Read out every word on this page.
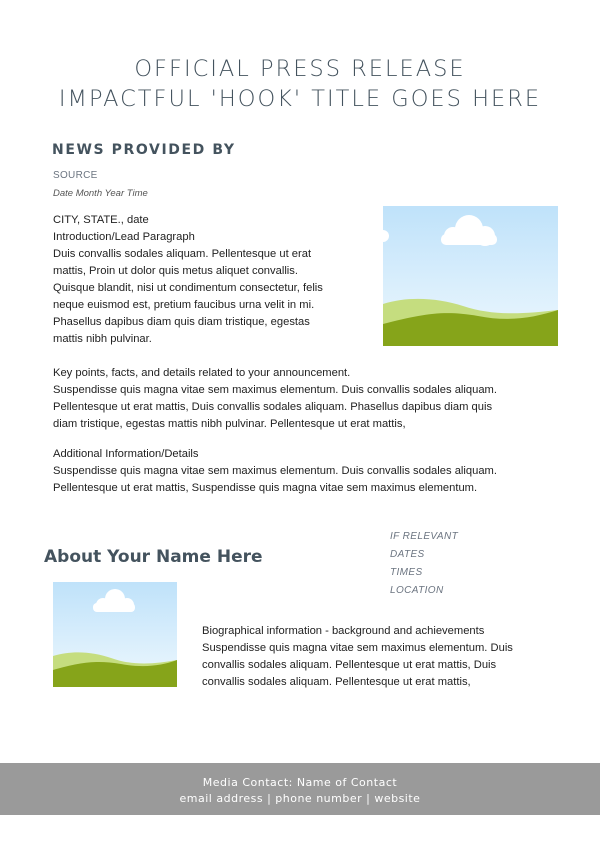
OFFICIAL PRESS RELEASE
IMPACTFUL 'HOOK' TITLE GOES HERE
NEWS PROVIDED BY
SOURCE
Date Month Year Time
CITY, STATE., date
Introduction/Lead Paragraph
Duis convallis sodales aliquam. Pellentesque ut erat
mattis, Proin ut dolor quis metus aliquet convallis.
Quisque blandit, nisi ut condimentum consectetur, felis
neque euismod est, pretium faucibus urna velit in mi.
Phasellus dapibus diam quis diam tristique, egestas
mattis nibh pulvinar.
Key points, facts, and details related to your announcement.
Suspendisse quis magna vitae sem maximus elementum. Duis convallis sodales aliquam.
Pellentesque ut erat mattis, Duis convallis sodales aliquam. Phasellus dapibus diam quis
diam tristique, egestas mattis nibh pulvinar. Pellentesque ut erat mattis,
Additional Information/Details
Suspendisse quis magna vitae sem maximus elementum. Duis convallis sodales aliquam.
Pellentesque ut erat mattis, Suspendisse quis magna vitae sem maximus elementum.
About Your Name Here
IF RELEVANT
DATES
TIMES
LOCATION
Biographical information - background and achievements
Suspendisse quis magna vitae sem maximus elementum. Duis
convallis sodales aliquam. Pellentesque ut erat mattis, Duis
convallis sodales aliquam. Pellentesque ut erat mattis,
Media Contact: Name of Contact
email address | phone number | website
